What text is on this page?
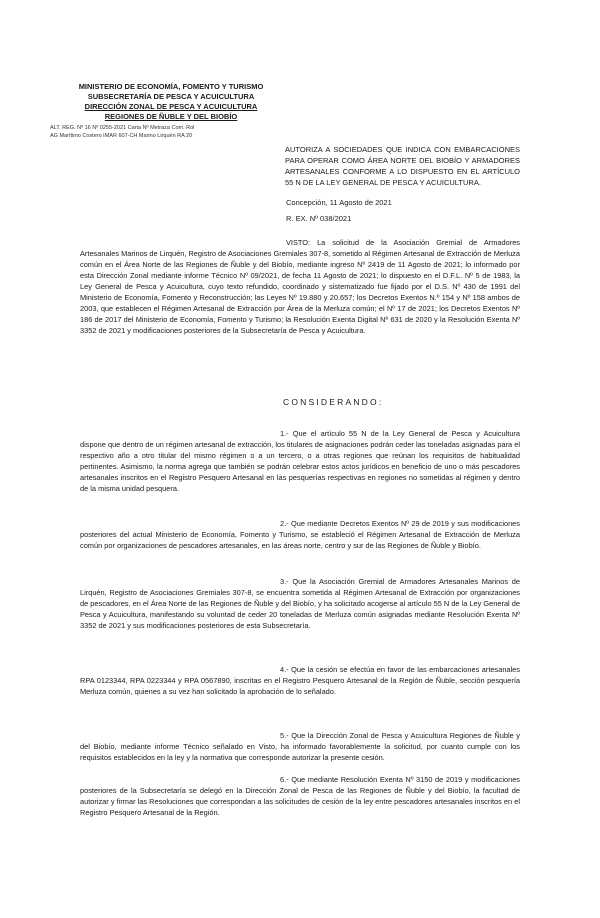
MINISTERIO DE ECONOMÍA, FOMENTO Y TURISMO
SUBSECRETARÍA DE PESCA Y ACUICULTURA
DIRECCIÓN ZONAL DE PESCA Y ACUICULTURA
REGIONES DE ÑUBLE Y DEL BIOBÍO
ALT. REG. Nº 16 Nº 0255-2021 Carta Nº Metraza Com. Rol
AG Marítimo Costero IMAR 607-CH Marino Lirquén RA 20
AUTORIZA A SOCIEDADES QUE INDICA CON EMBARCACIONES PARA OPERAR COMO ÁREA NORTE DEL BIOBÍO Y ARMADORES ARTESANALES CONFORME A LO DISPUESTO EN EL ARTÍCULO 55 N DE LA LEY GENERAL DE PESCA Y ACUICULTURA.
Concepción, 11 Agosto de 2021
R. EX. Nº 038/2021
VISTO: La solicitud de la Asociación Gremial de Armadores Artesanales Marinos de Lirquén, Registro de Asociaciones Gremiales 307-8, sometido al Régimen Artesanal de Extracción de Merluza común en el Área Norte de las Regiones de Ñuble y del Biobío, mediante ingreso Nº 2419 de 11 Agosto de 2021; lo informado por esta Dirección Zonal mediante informe Técnico Nº 09/2021, de fecha 11 Agosto de 2021; lo dispuesto en el D.F.L. Nº 5 de 1983, la Ley General de Pesca y Acuicultura, cuyo texto refundido, coordinado y sistematizado fue fijado por el D.S. Nº 430 de 1991 del Ministerio de Economía, Fomento y Reconstrucción; las Leyes Nº 19.880 y 20.657; los Decretos Exentos N.º 154 y Nº 158 ambos de 2003, que establecen el Régimen Artesanal de Extracción por Área de la Merluza común; el Nº 17 de 2021; los Decretos Exentos Nº 186 de 2017 del Ministerio de Economía, Fomento y Turismo; la Resolución Exenta Digital Nº 631 de 2020 y la Resolución Exenta Nº 3352 de 2021 y modificaciones posteriores de la Subsecretaría de Pesca y Acuicultura.
CONSIDERANDO:
1.- Que el artículo 55 N de la Ley General de Pesca y Acuicultura dispone que dentro de un régimen artesanal de extracción, los titulares de asignaciones podrán ceder las toneladas asignadas para el respectivo año a otro titular del mismo régimen o a un tercero, o a otras regiones que reúnan los requisitos de habitualidad pertinentes. Asimismo, la norma agrega que también se podrán celebrar estos actos jurídicos en beneficio de uno o más pescadores artesanales inscritos en el Registro Pesquero Artesanal en las pesquerías respectivas en regiones no sometidas al régimen y dentro de la misma unidad pesquera.
2.- Que mediante Decretos Exentos Nº 29 de 2019 y sus modificaciones posteriores del actual Ministerio de Economía, Fomento y Turismo, se estableció el Régimen Artesanal de Extracción de Merluza común por organizaciones de pescadores artesanales, en las áreas norte, centro y sur de las Regiones de Ñuble y Biobío.
3.- Que la Asociación Gremial de Armadores Artesanales Marinos de Lirquén, Registro de Asociaciones Gremiales 307-8, se encuentra sometida al Régimen Artesanal de Extracción por organizaciones de pescadores, en el Área Norte de las Regiones de Ñuble y del Biobío, y ha solicitado acogerse al artículo 55 N de la Ley General de Pesca y Acuicultura, manifestando su voluntad de ceder 20 toneladas de Merluza común asignadas mediante Resolución Exenta Nº 3352 de 2021 y sus modificaciones posteriores de esta Subsecretaría.
4.- Que la cesión se efectúa en favor de las embarcaciones artesanales RPA 0123344, RPA 0223344 y RPA 0567890, inscritas en el Registro Pesquero Artesanal de la Región de Ñuble, sección pesquería Merluza común, quienes a su vez han solicitado la aprobación de lo señalado.
5.- Que la Dirección Zonal de Pesca y Acuicultura Regiones de Ñuble y del Biobío, mediante informe Técnico señalado en Visto, ha informado favorablemente la solicitud, por cuanto cumple con los requisitos establecidos en la ley y la normativa que corresponde autorizar la presente cesión.
6.- Que mediante Resolución Exenta Nº 3150 de 2019 y modificaciones posteriores de la Subsecretaría se delegó en la Dirección Zonal de Pesca de las Regiones de Ñuble y del Biobío, la facultad de autorizar y firmar las Resoluciones que correspondan a las solicitudes de cesión de la ley entre pescadores artesanales inscritos en el Registro Pesquero Artesanal de la Región.
